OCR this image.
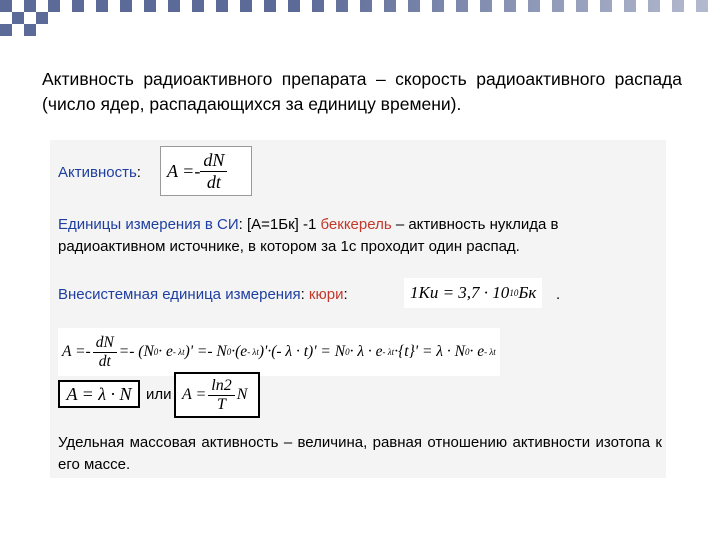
Активность радиоактивного препарата – скорость радиоактивного распада (число ядер, распадающихся за единицу времени).

Активность: $A =- \frac{dN}{dt}$
Единицы измерения в СИ: [A=1Бк] -1 беккерель – активность нуклида в
радиоактивном источнике, в котором за 1с проходит один распад.
Внесистемная единица измерения: кюри:	1Ku = 3,7 · 10 10 Бк .
$A =- \frac{dN}{dt} =- (N$ 0 · e - λt )' =- N 0 ·(e - λt )'·(- λ · t)' = N 0 · λ · e - λt ·{t}' = λ · N 0 · e - λt
A = λ · N или $A = \frac{\ln 2}{T}$ N

Удельная массовая активность – величина, равная отношению активности изотопа к его массе.
